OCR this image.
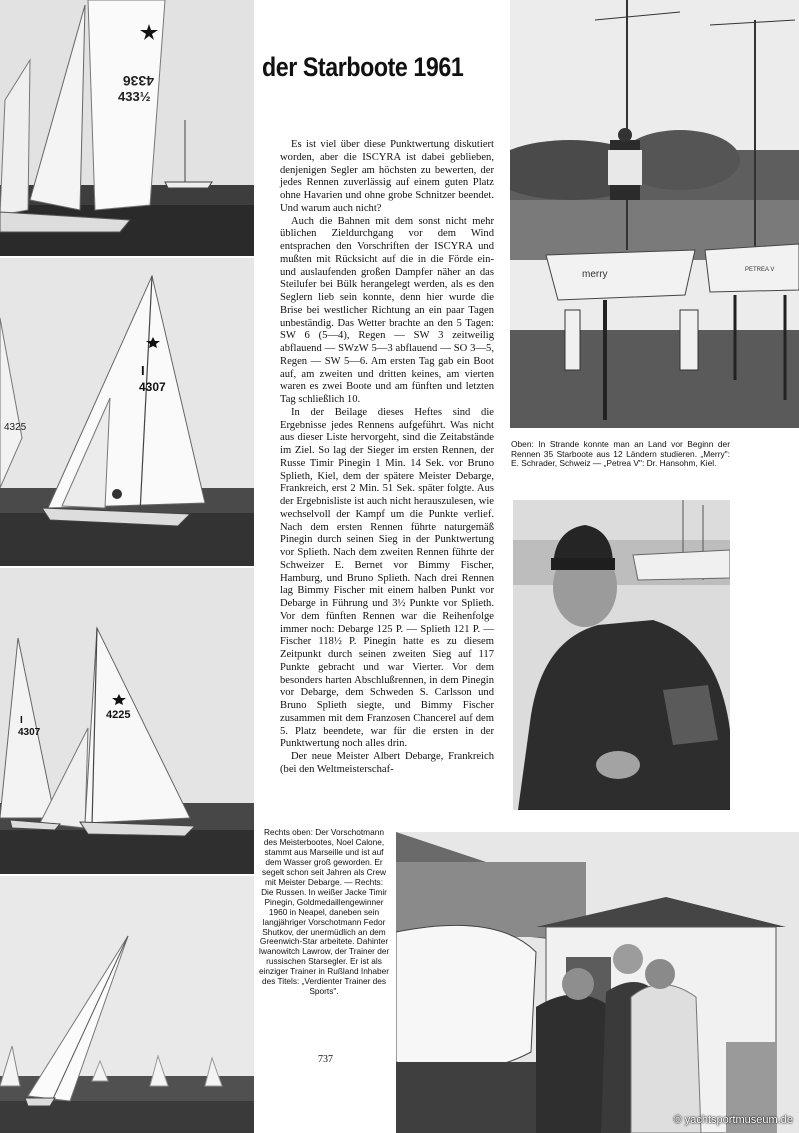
4336
433½
I
4307
4325
I
4307
4225
der Starboote 1961

Es ist viel über diese Punktwertung diskutiert worden, aber die ISCYRA ist dabei geblieben, denjenigen Segler am höchsten zu bewerten, der jedes Rennen zuverlässig auf einem guten Platz ohne Havarien und ohne grobe Schnitzer beendet. Und warum auch nicht?

Auch die Bahnen mit dem sonst nicht mehr üblichen Zieldurchgang vor dem Wind entsprachen den Vorschriften der ISCYRA und mußten mit Rücksicht auf die in die Förde ein- und auslaufenden großen Dampfer näher an das Steilufer bei Bülk herangelegt werden, als es den Seglern lieb sein konnte, denn hier wurde die Brise bei westlicher Richtung an ein paar Tagen unbeständig. Das Wetter brachte an den 5 Tagen: SW 6 (5—4), Regen — SW 3 zeitweilig abflauend — SWzW 5—3 abflauend — SO 3—5, Regen — SW 5—6. Am ersten Tag gab ein Boot auf, am zweiten und dritten keines, am vierten waren es zwei Boote und am fünften und letzten Tag schließlich 10.

In der Beilage dieses Heftes sind die Ergebnisse jedes Rennens aufgeführt. Was nicht aus dieser Liste hervorgeht, sind die Zeitabstände im Ziel. So lag der Sieger im ersten Rennen, der Russe Timir Pinegin 1 Min. 14 Sek. vor Bruno Splieth, Kiel, dem der spätere Meister Debarge, Frankreich, erst 2 Min. 51 Sek. später folgte. Aus der Ergebnisliste ist auch nicht herauszulesen, wie wechselvoll der Kampf um die Punkte verlief. Nach dem ersten Rennen führte naturgemäß Pinegin durch seinen Sieg in der Punktwertung vor Splieth. Nach dem zweiten Rennen führte der Schweizer E. Bernet vor Bimmy Fischer, Hamburg, und Bruno Splieth. Nach drei Rennen lag Bimmy Fischer mit einem halben Punkt vor Debarge in Führung und 3½ Punkte vor Splieth. Vor dem fünften Rennen war die Reihenfolge immer noch: Debarge 125 P. — Splieth 121 P. — Fischer 118½ P. Pinegin hatte es zu diesem Zeitpunkt durch seinen zweiten Sieg auf 117 Punkte gebracht und war Vierter. Vor dem besonders harten Abschlußrennen, in dem Pinegin vor Debarge, dem Schweden S. Carlsson und Bruno Splieth siegte, und Bimmy Fischer zusammen mit dem Franzosen Chancerel auf dem 5. Platz beendete, war für die ersten in der Punktwertung noch alles drin.

Der neue Meister Albert Debarge, Frankreich (bei den Weltmeisterschaf-

merry	PETREA V
Oben: In Strande konnte man an Land vor Beginn der Rennen 35 Starboote aus 12 Ländern studieren. „Merry": E. Schrader, Schweiz — „Petrea V": Dr. Hansohm, Kiel.
Rechts oben: Der Vorschotmann des Meisterbootes, Noel Calone, stammt aus Marseille und ist auf dem Wasser groß geworden. Er segelt schon seit Jahren als Crew mit Meister Debarge. — Rechts: Die Russen. In weißer Jacke Timir Pinegin, Goldmedaillengewinner 1960 in Neapel, daneben sein langjähriger Vorschotmann Fedor Shutkov, der unermüdlich an dem Greenwich-Star arbeitete. Dahinter Iwanowitch Lawrow, der Trainer der russischen Starsegler. Er ist als einziger Trainer in Rußland Inhaber des Titels: „Verdienter Trainer des Sports".
737
© yachtsportmuseum.de
